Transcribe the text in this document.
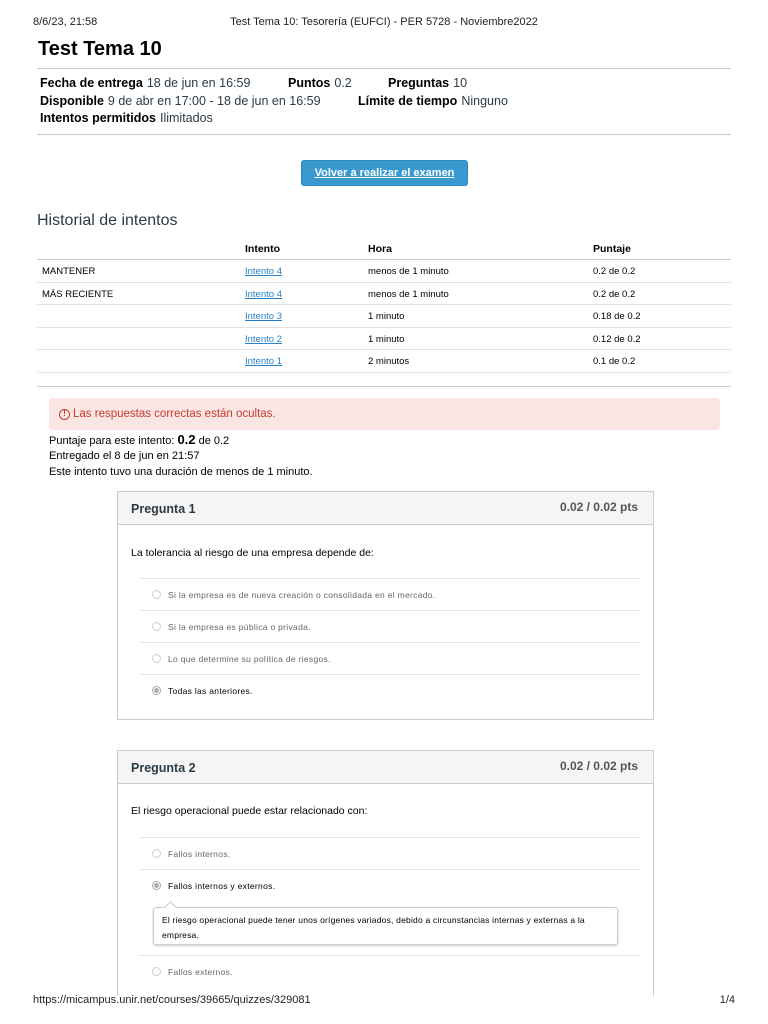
8/6/23, 21:58	Test Tema 10: Tesorería (EUFCI) - PER 5728 - Noviembre2022
Test Tema 10
Fecha de entrega 18 de jun en 16:59	Puntos 0.2	Preguntas 10
Disponible 9 de abr en 17:00 - 18 de jun en 16:59	Límite de tiempo Ninguno
Intentos permitidos Ilimitados
Volver a realizar el examen
Historial de intentos
Intento	Hora	Puntaje
MANTENER	Intento 4	menos de 1 minuto	0.2 de 0.2
MÁS RECIENTE	Intento 4	menos de 1 minuto	0.2 de 0.2
Intento 3	1 minuto	0.18 de 0.2
Intento 2	1 minuto	0.12 de 0.2
Intento 1	2 minutos	0.1 de 0.2
! Las respuestas correctas están ocultas.
Puntaje para este intento: 0.2 de 0.2
Entregado el 8 de jun en 21:57
Este intento tuvo una duración de menos de 1 minuto.
Pregunta 1	0.02 / 0.02 pts
La tolerancia al riesgo de una empresa depende de:
Si la empresa es de nueva creación o consolidada en el mercado.
Si la empresa es pública o privada.
Lo que determine su política de riesgos.
Todas las anteriores.
Pregunta 2	0.02 / 0.02 pts
El riesgo operacional puede estar relacionado con:
Fallos internos.
Fallos internos y externos.
El riesgo operacional puede tener unos orígenes variados, debido a circunstancias internas y externas a la empresa.
Fallos externos.
https://micampus.unir.net/courses/39665/quizzes/329081	1/4
